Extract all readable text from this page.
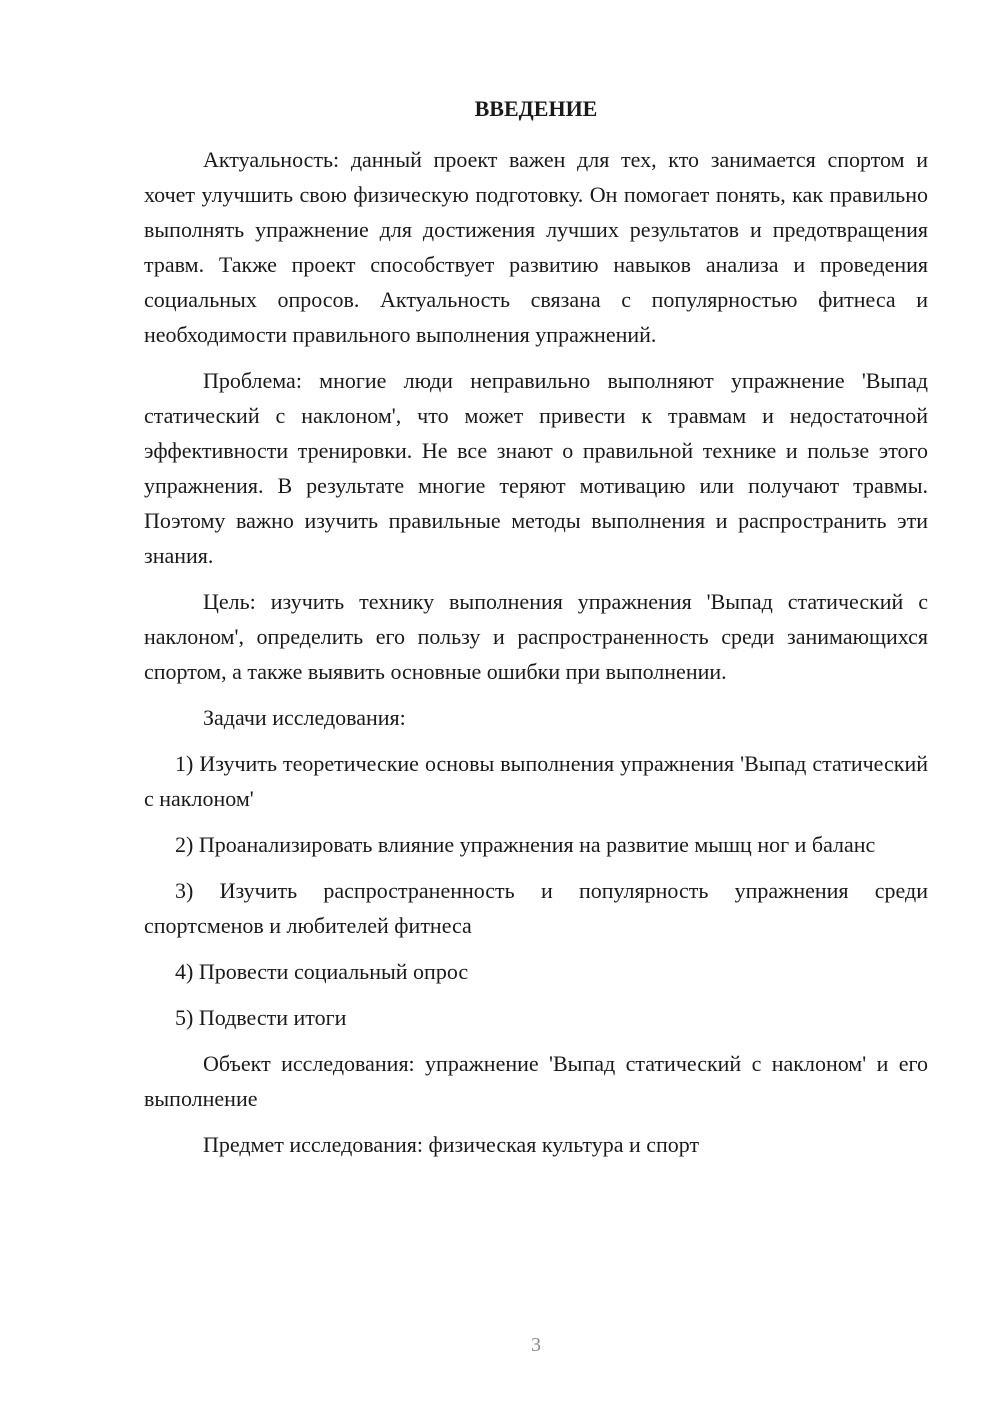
ВВЕДЕНИЕ

Актуальность: данный проект важен для тех, кто занимается спортом и хочет улучшить свою физическую подготовку. Он помогает понять, как правильно выполнять упражнение для достижения лучших результатов и предотвращения травм. Также проект способствует развитию навыков анализа и проведения социальных опросов. Актуальность связана с популярностью фитнеса и необходимости правильного выполнения упражнений.

Проблема: многие люди неправильно выполняют упражнение 'Выпад статический с наклоном', что может привести к травмам и недостаточной эффективности тренировки. Не все знают о правильной технике и пользе этого упражнения. В результате многие теряют мотивацию или получают травмы. Поэтому важно изучить правильные методы выполнения и распространить эти знания.

Цель: изучить технику выполнения упражнения 'Выпад статический с наклоном', определить его пользу и распространенность среди занимающихся спортом, а также выявить основные ошибки при выполнении.

Задачи исследования:

1) Изучить теоретические основы выполнения упражнения 'Выпад статический с наклоном'

2) Проанализировать влияние упражнения на развитие мышц ног и баланс

3) Изучить распространенность и популярность упражнения среди спортсменов и любителей фитнеса

4) Провести социальный опрос

5) Подвести итоги

Объект исследования: упражнение 'Выпад статический с наклоном' и его выполнение

Предмет исследования: физическая культура и спорт

3
